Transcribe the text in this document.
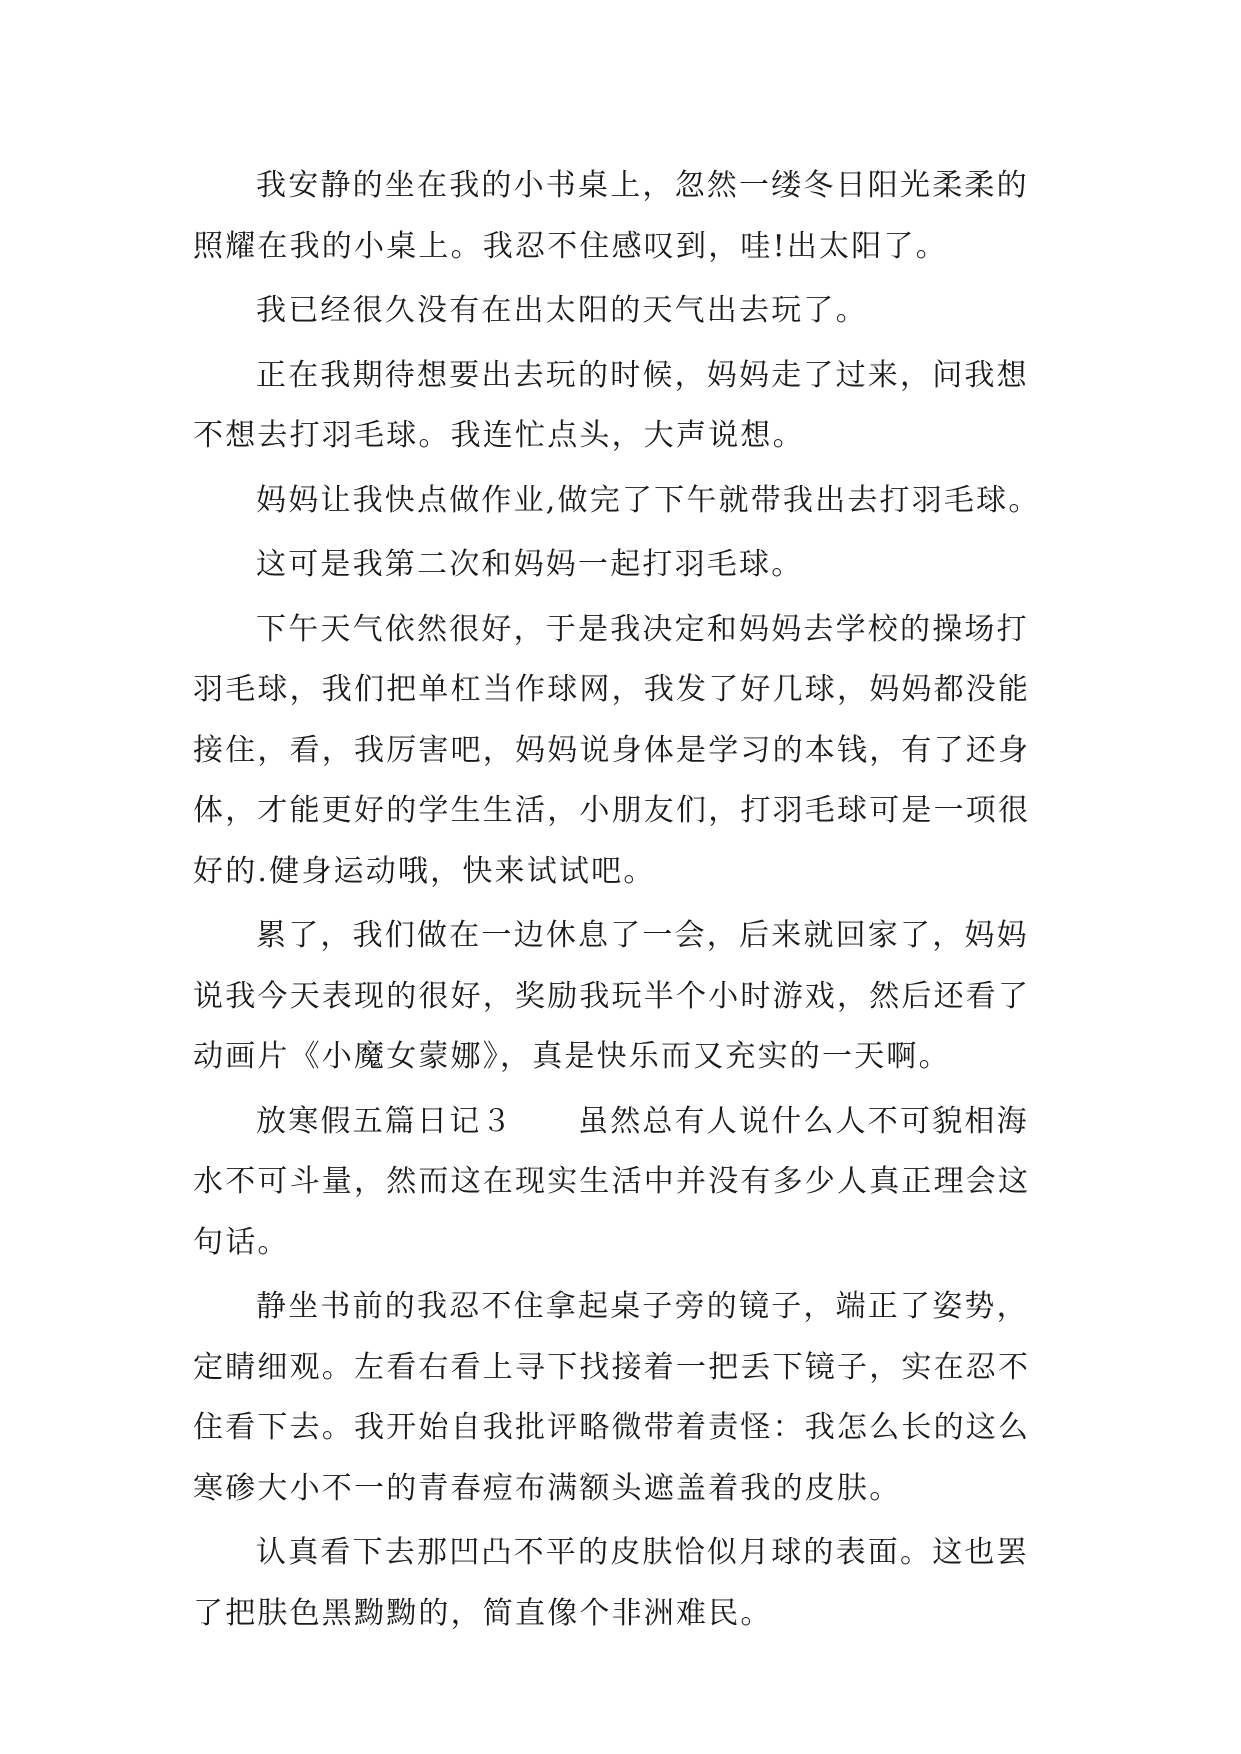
我安静的坐在我的小书桌上，忽然一缕冬日阳光柔柔的
照耀在我的小桌上。我忍不住感叹到，哇!出太阳了。
我已经很久没有在出太阳的天气出去玩了。
正在我期待想要出去玩的时候，妈妈走了过来，问我想
不想去打羽毛球。我连忙点头，大声说想。
妈妈让我快点做作业,做完了下午就带我出去打羽毛球。
这可是我第二次和妈妈一起打羽毛球。
下午天气依然很好，于是我决定和妈妈去学校的操场打
羽毛球，我们把单杠当作球网，我发了好几球，妈妈都没能
接住，看，我厉害吧，妈妈说身体是学习的本钱，有了还身
体，才能更好的学生生活，小朋友们，打羽毛球可是一项很
好的.健身运动哦，快来试试吧。
累了，我们做在一边休息了一会，后来就回家了，妈妈
说我今天表现的很好，奖励我玩半个小时游戏，然后还看了
动画片《小魔女蒙娜》，真是快乐而又充实的一天啊。
放寒假五篇日记３　　虽然总有人说什么人不可貌相海
水不可斗量，然而这在现实生活中并没有多少人真正理会这
句话。
静坐书前的我忍不住拿起桌子旁的镜子，端正了姿势，
定睛细观。左看右看上寻下找接着一把丢下镜子，实在忍不
住看下去。我开始自我批评略微带着责怪：我怎么长的这么
寒碜大小不一的青春痘布满额头遮盖着我的皮肤。
认真看下去那凹凸不平的皮肤恰似月球的表面。这也罢
了把肤色黑黝黝的，简直像个非洲难民。
